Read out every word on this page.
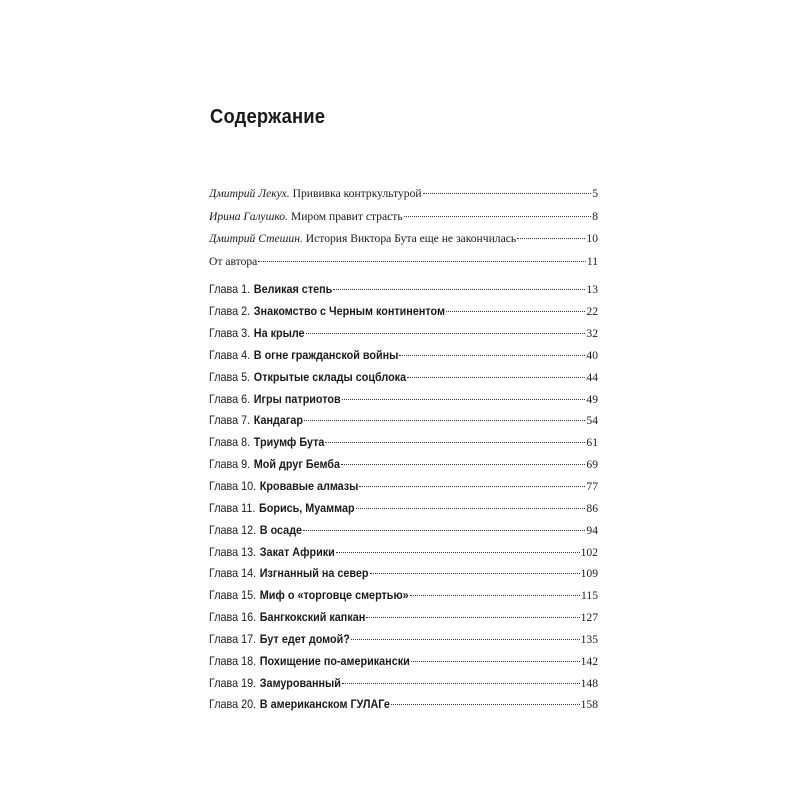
Содержание
Дмитрий Лекух. Прививка контркультурой	5
Ирина Галушко. Миром правит страсть	8
Дмитрий Стешин. История Виктора Бута еще не закончилась	10
От автора	11
Глава 1. Великая степь	13
Глава 2. Знакомство с Черным континентом	22
Глава 3. На крыле	32
Глава 4. В огне гражданской войны	40
Глава 5. Открытые склады соцблока	44
Глава 6. Игры патриотов	49
Глава 7. Кандагар	54
Глава 8. Триумф Бута	61
Глава 9. Мой друг Бемба	69
Глава 10. Кровавые алмазы	77
Глава 11. Борись, Муаммар	86
Глава 12. В осаде	94
Глава 13. Закат Африки	102
Глава 14. Изгнанный на север	109
Глава 15. Миф о «торговце смертью»	115
Глава 16. Бангкокский капкан	127
Глава 17. Бут едет домой?	135
Глава 18. Похищение по-американски	142
Глава 19. Замурованный	148
Глава 20. В американском ГУЛАГе	158
